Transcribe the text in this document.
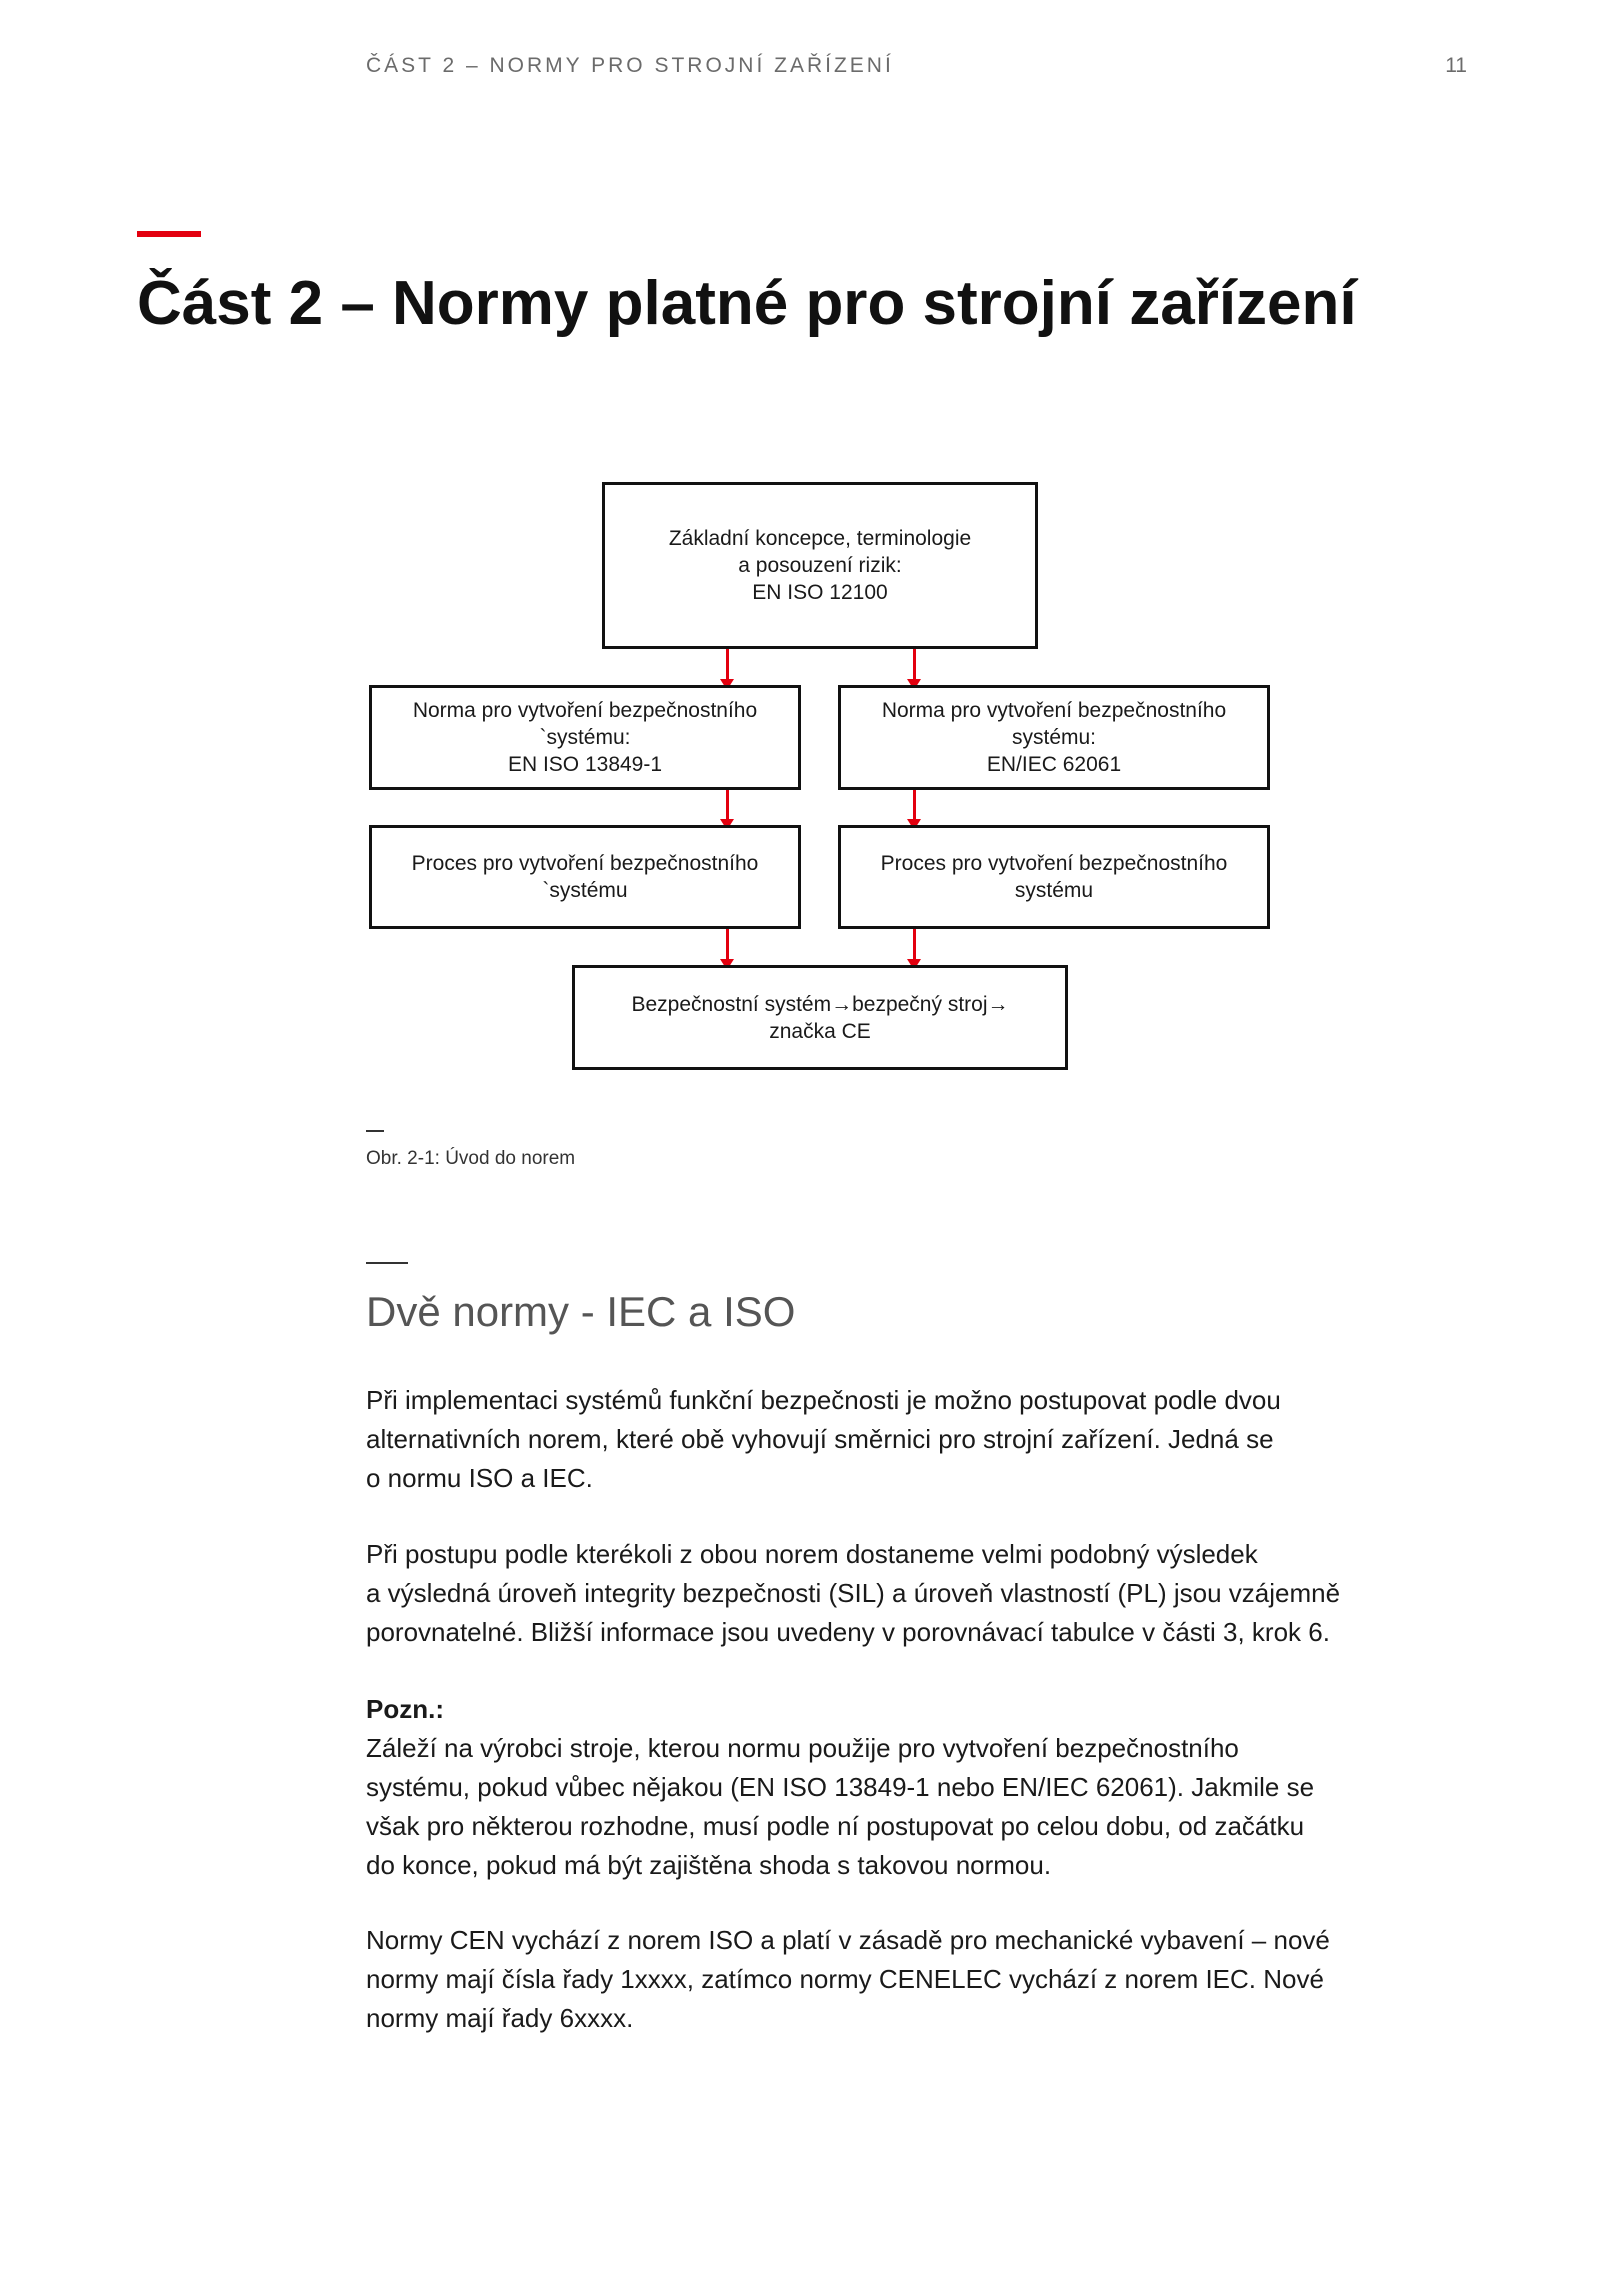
ČÁST 2 – NORMY PRO STROJNÍ ZAŘÍZENÍ	11
Část 2 – Normy platné pro strojní zařízení
Základní koncepce, terminologie
a posouzení rizik:
EN ISO 12100
Norma pro vytvoření bezpečnostního
`systému:
EN ISO 13849-1
Norma pro vytvoření bezpečnostního
systému:
EN/IEC 62061
Proces pro vytvoření bezpečnostního
`systému
Proces pro vytvoření bezpečnostního
systému
Bezpečnostní systém→bezpečný stroj→
značka CE
Obr. 2-1: Úvod do norem
Dvě normy - IEC a ISO
Při implementaci systémů funkční bezpečnosti je možno postupovat podle dvou
alternativních norem, které obě vyhovují směrnici pro strojní zařízení. Jedná se
o normu ISO a IEC.
Při postupu podle kterékoli z obou norem dostaneme velmi podobný výsledek
a výsledná úroveň integrity bezpečnosti (SIL) a úroveň vlastností (PL) jsou vzájemně
porovnatelné. Bližší informace jsou uvedeny v porovnávací tabulce v části 3, krok 6.
Pozn.:
Záleží na výrobci stroje, kterou normu použije pro vytvoření bezpečnostního
systému, pokud vůbec nějakou (EN ISO 13849-1 nebo EN/IEC 62061). Jakmile se
však pro některou rozhodne, musí podle ní postupovat po celou dobu, od začátku
do konce, pokud má být zajištěna shoda s takovou normou.
Normy CEN vychází z norem ISO a platí v zásadě pro mechanické vybavení – nové
normy mají čísla řady 1xxxx, zatímco normy CENELEC vychází z norem IEC. Nové
normy mají řady 6xxxx.
